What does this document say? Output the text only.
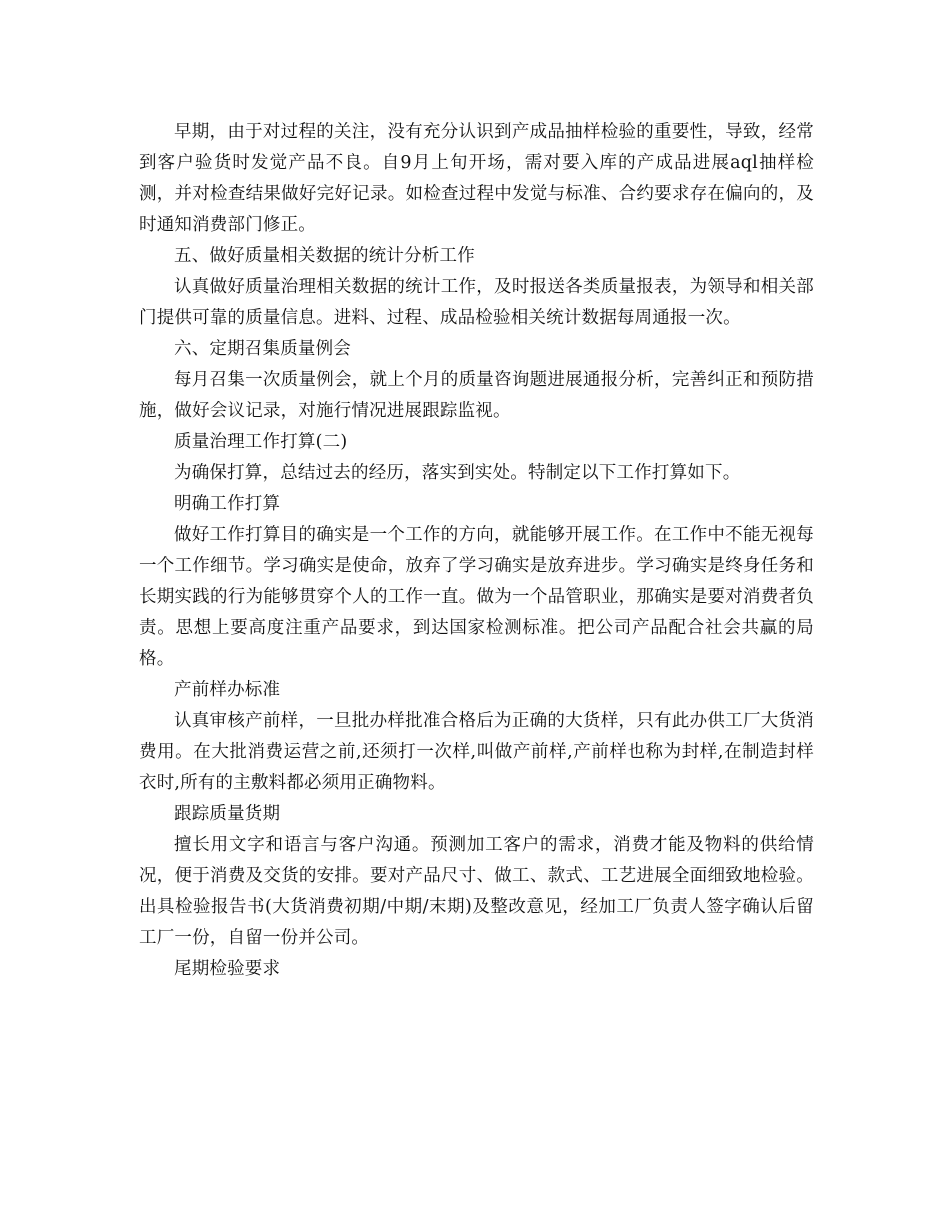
早期，由于对过程的关注，没有充分认识到产成品抽样检验的重要性，导致，经常到客户验货时发觉产品不良。自9月上旬开场，需对要入库的产成品进展aql抽样检测，并对检查结果做好完好记录。如检查过程中发觉与标准、合约要求存在偏向的，及时通知消费部门修正。

五、做好质量相关数据的统计分析工作

认真做好质量治理相关数据的统计工作，及时报送各类质量报表，为领导和相关部门提供可靠的质量信息。进料、过程、成品检验相关统计数据每周通报一次。

六、定期召集质量例会

每月召集一次质量例会，就上个月的质量咨询题进展通报分析，完善纠正和预防措施，做好会议记录，对施行情况进展跟踪监视。

质量治理工作打算(二)

为确保打算，总结过去的经历，落实到实处。特制定以下工作打算如下。

明确工作打算

做好工作打算目的确实是一个工作的方向，就能够开展工作。在工作中不能无视每一个工作细节。学习确实是使命，放弃了学习确实是放弃进步。学习确实是终身任务和长期实践的行为能够贯穿个人的工作一直。做为一个品管职业，那确实是要对消费者负责。思想上要高度注重产品要求，到达国家检测标准。把公司产品配合社会共赢的局格。

产前样办标准

认真审核产前样，一旦批办样批准合格后为正确的大货样，只有此办供工厂大货消费用。在大批消费运营之前,还须打一次样,叫做产前样,产前样也称为封样,在制造封样衣时,所有的主敷料都必须用正确物料。

跟踪质量货期

擅长用文字和语言与客户沟通。预测加工客户的需求，消费才能及物料的供给情况，便于消费及交货的安排。要对产品尺寸、做工、款式、工艺进展全面细致地检验。出具检验报告书(大货消费初期/中期/末期)及整改意见，经加工厂负责人签字确认后留工厂一份，自留一份并公司。

尾期检验要求
